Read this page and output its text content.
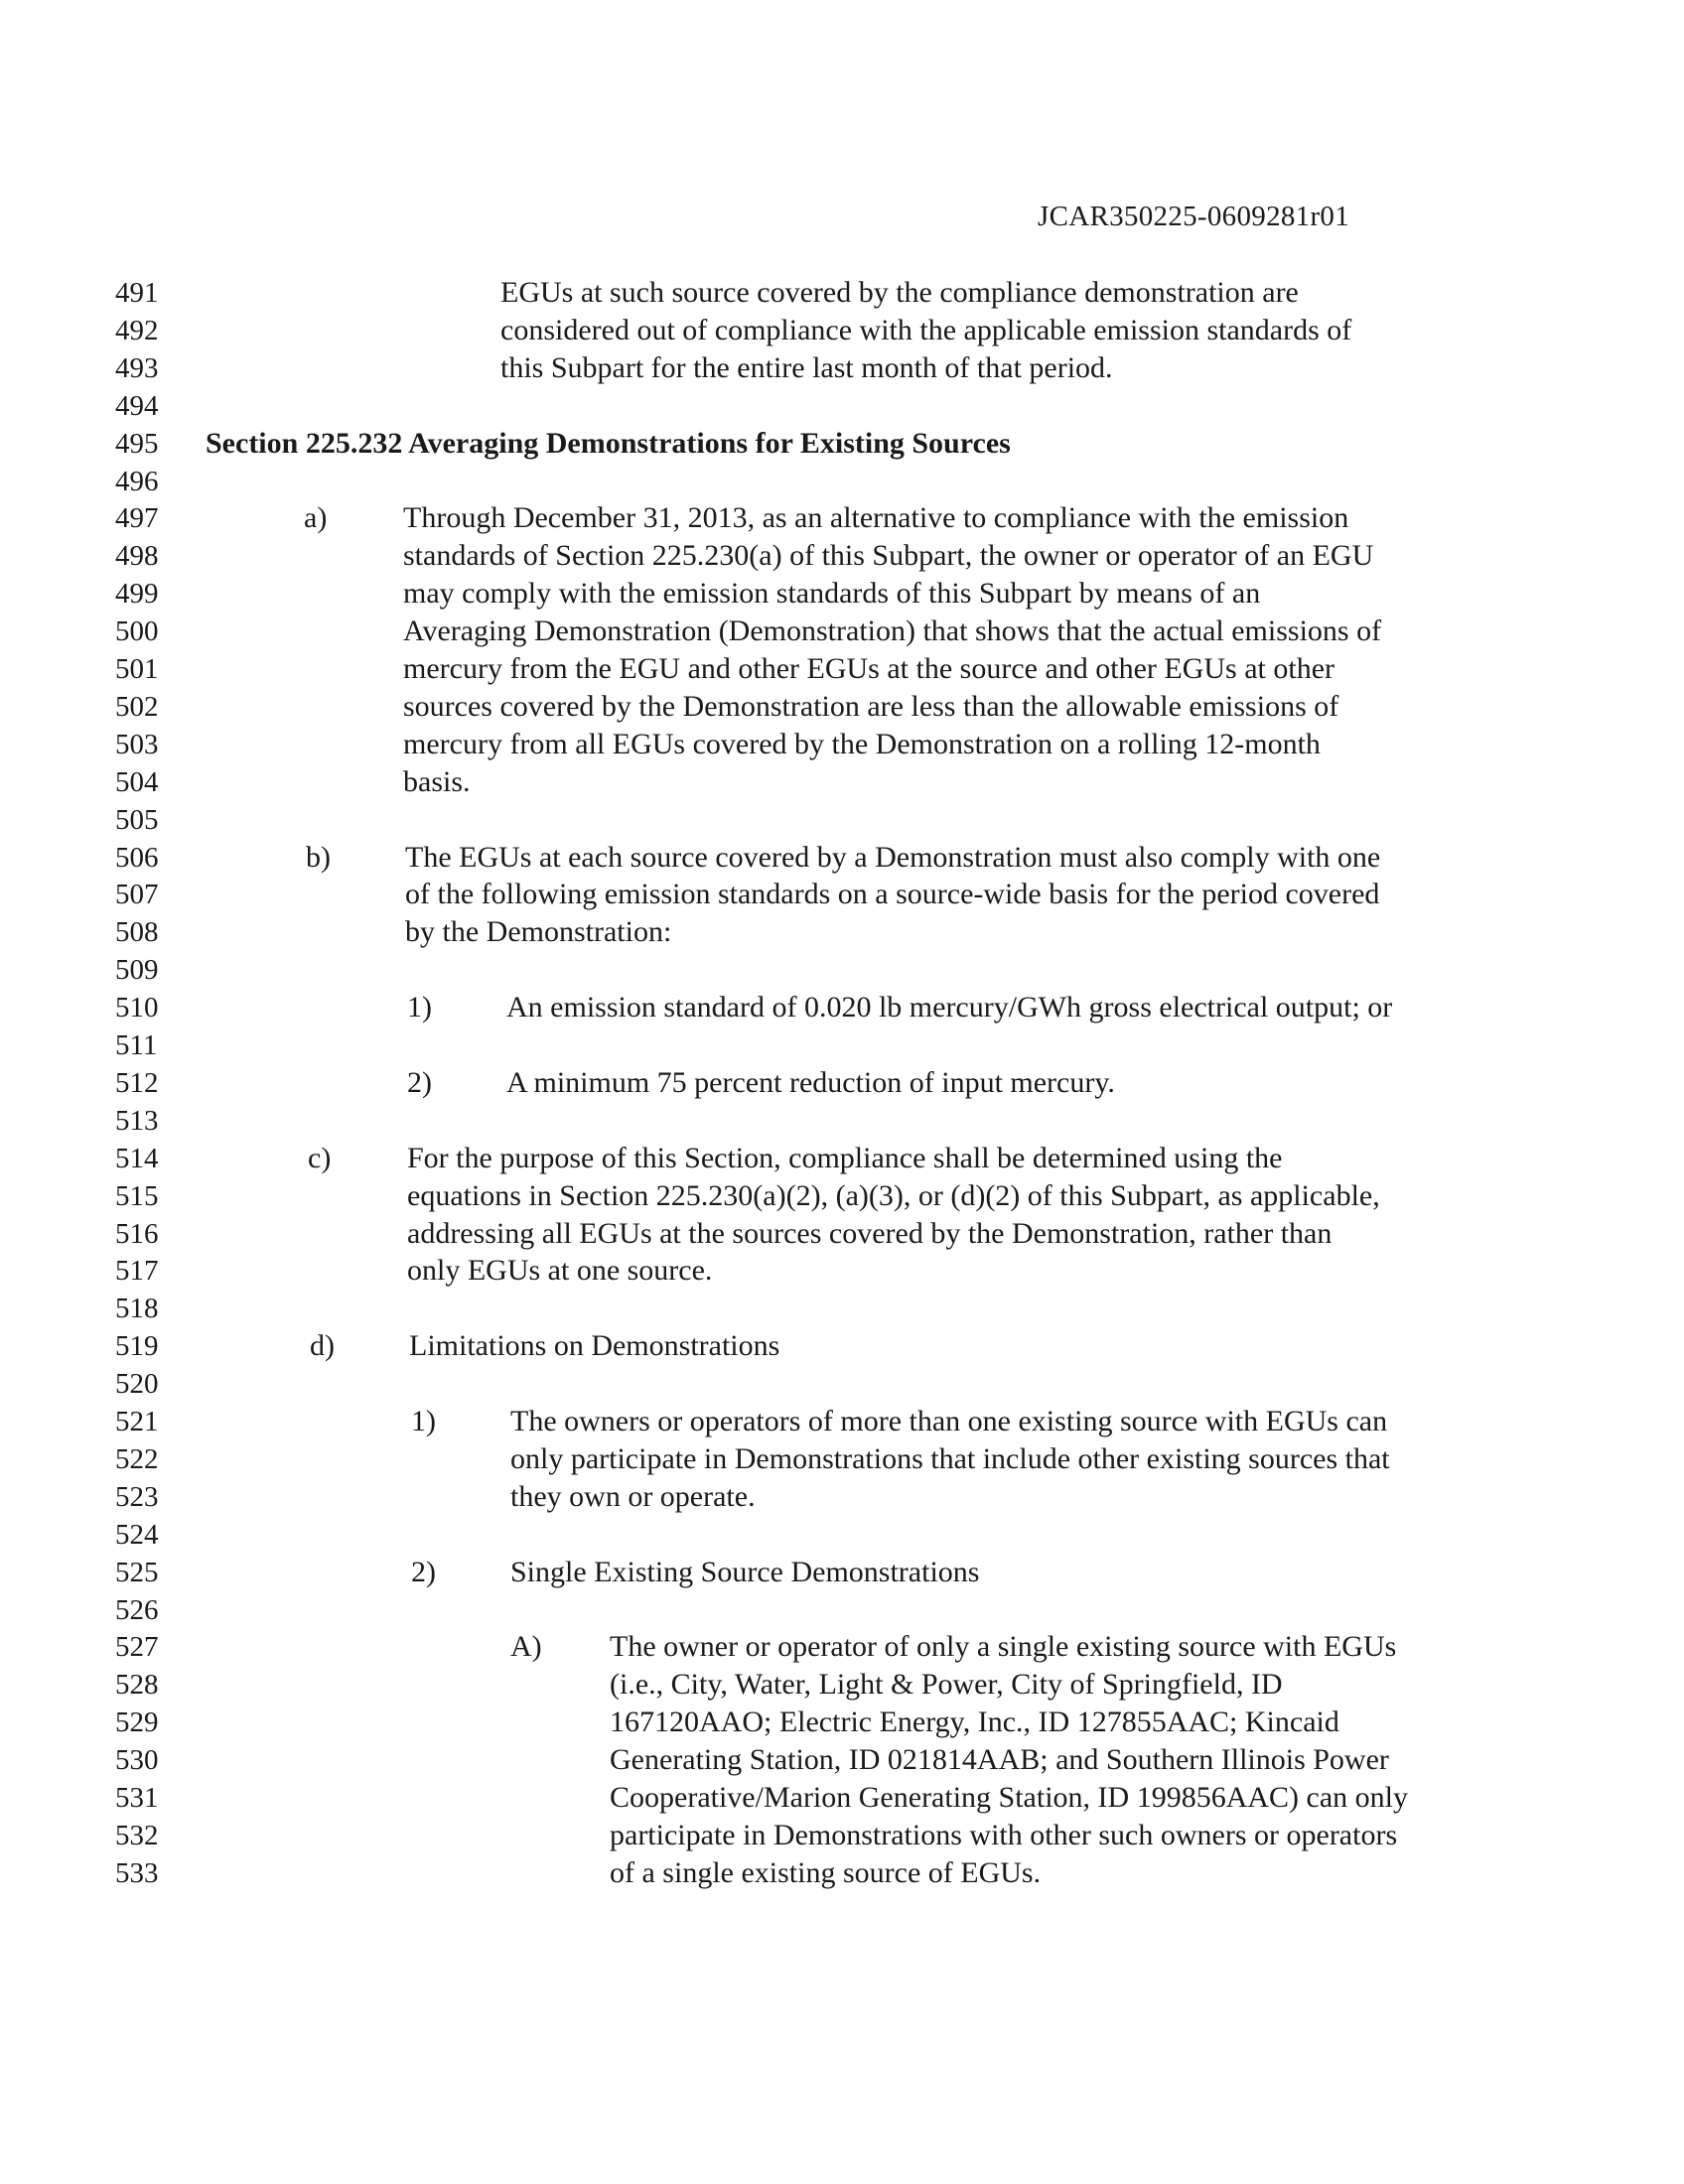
JCAR350225-0609281r01
491	EGUs at such source covered by the compliance demonstration are
492	considered out of compliance with the applicable emission standards of
493	this Subpart for the entire last month of that period.
494
495 Section 225.232 Averaging Demonstrations for Existing Sources
496
497	a)	Through December 31, 2013, as an alternative to compliance with the emission
498	standards of Section 225.230(a) of this Subpart, the owner or operator of an EGU
499	may comply with the emission standards of this Subpart by means of an
500	Averaging Demonstration (Demonstration) that shows that the actual emissions of
501	mercury from the EGU and other EGUs at the source and other EGUs at other
502	sources covered by the Demonstration are less than the allowable emissions of
503	mercury from all EGUs covered by the Demonstration on a rolling 12-month
504	basis.
505
506	b)	The EGUs at each source covered by a Demonstration must also comply with one
507	of the following emission standards on a source-wide basis for the period covered
508	by the Demonstration:
509
510	1)	An emission standard of 0.020 lb mercury/GWh gross electrical output; or
511
512	2)	A minimum 75 percent reduction of input mercury.
513
514	c)	For the purpose of this Section, compliance shall be determined using the
515	equations in Section 225.230(a)(2), (a)(3), or (d)(2) of this Subpart, as applicable,
516	addressing all EGUs at the sources covered by the Demonstration, rather than
517	only EGUs at one source.
518
519	d)	Limitations on Demonstrations
520
521	1)	The owners or operators of more than one existing source with EGUs can
522	only participate in Demonstrations that include other existing sources that
523	they own or operate.
524
525	2)	Single Existing Source Demonstrations
526
527	A) The owner or operator of only a single existing source with EGUs
528	(i.e., City, Water, Light & Power, City of Springfield, ID
529	167120AAO; Electric Energy, Inc., ID 127855AAC; Kincaid
530	Generating Station, ID 021814AAB; and Southern Illinois Power
531	Cooperative/Marion Generating Station, ID 199856AAC) can only
532	participate in Demonstrations with other such owners or operators
533	of a single existing source of EGUs.
